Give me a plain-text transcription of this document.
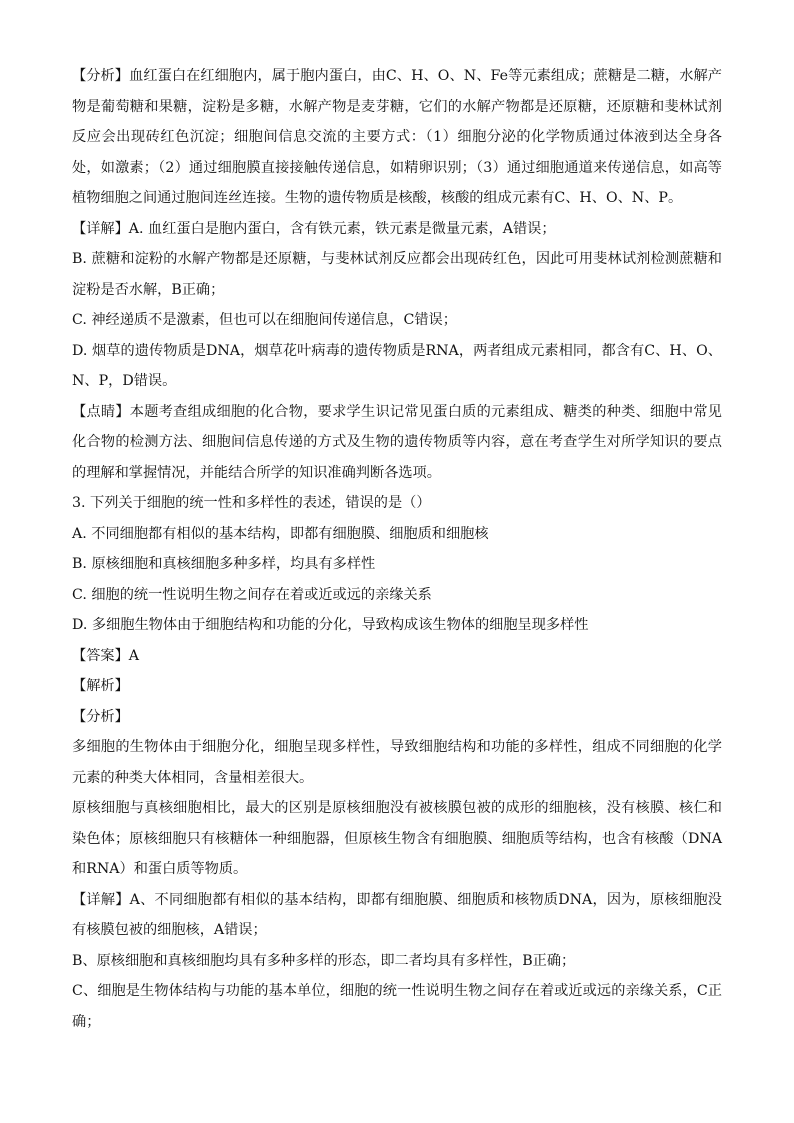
【分析】血红蛋白在红细胞内，属于胞内蛋白，由C、H、O、N、Fe等元素组成；蔗糖是二糖，水解产物是葡萄糖和果糖，淀粉是多糖，水解产物是麦芽糖，它们的水解产物都是还原糖，还原糖和斐林试剂反应会出现砖红色沉淀；细胞间信息交流的主要方式：（1）细胞分泌的化学物质通过体液到达全身各处，如激素；（2）通过细胞膜直接接触传递信息，如精卵识别；（3）通过细胞通道来传递信息，如高等植物细胞之间通过胞间连丝连接。生物的遗传物质是核酸，核酸的组成元素有C、H、O、N、P。

【详解】A. 血红蛋白是胞内蛋白，含有铁元素，铁元素是微量元素，A错误；

B. 蔗糖和淀粉的水解产物都是还原糖，与斐林试剂反应都会出现砖红色，因此可用斐林试剂检测蔗糖和淀粉是否水解，B正确；

C. 神经递质不是激素，但也可以在细胞间传递信息，C错误；

D. 烟草的遗传物质是DNA，烟草花叶病毒的遗传物质是RNA，两者组成元素相同，都含有C、H、O、N、P，D错误。

【点睛】本题考查组成细胞的化合物，要求学生识记常见蛋白质的元素组成、糖类的种类、细胞中常见化合物的检测方法、细胞间信息传递的方式及生物的遗传物质等内容，意在考查学生对所学知识的要点的理解和掌握情况，并能结合所学的知识准确判断各选项。

3. 下列关于细胞的统一性和多样性的表述，错误的是（）

A. 不同细胞都有相似的基本结构，即都有细胞膜、细胞质和细胞核

B. 原核细胞和真核细胞多种多样，均具有多样性

C. 细胞的统一性说明生物之间存在着或近或远的亲缘关系

D. 多细胞生物体由于细胞结构和功能的分化，导致构成该生物体的细胞呈现多样性

【答案】A

【解析】

【分析】

多细胞的生物体由于细胞分化，细胞呈现多样性，导致细胞结构和功能的多样性，组成不同细胞的化学元素的种类大体相同，含量相差很大。

原核细胞与真核细胞相比，最大的区别是原核细胞没有被核膜包被的成形的细胞核，没有核膜、核仁和染色体；原核细胞只有核糖体一种细胞器，但原核生物含有细胞膜、细胞质等结构，也含有核酸（DNA和RNA）和蛋白质等物质。

【详解】A、不同细胞都有相似的基本结构，即都有细胞膜、细胞质和核物质DNA，因为，原核细胞没有核膜包被的细胞核，A错误；

B、原核细胞和真核细胞均具有多种多样的形态，即二者均具有多样性，B正确；

C、细胞是生物体结构与功能的基本单位，细胞的统一性说明生物之间存在着或近或远的亲缘关系，C正确；
